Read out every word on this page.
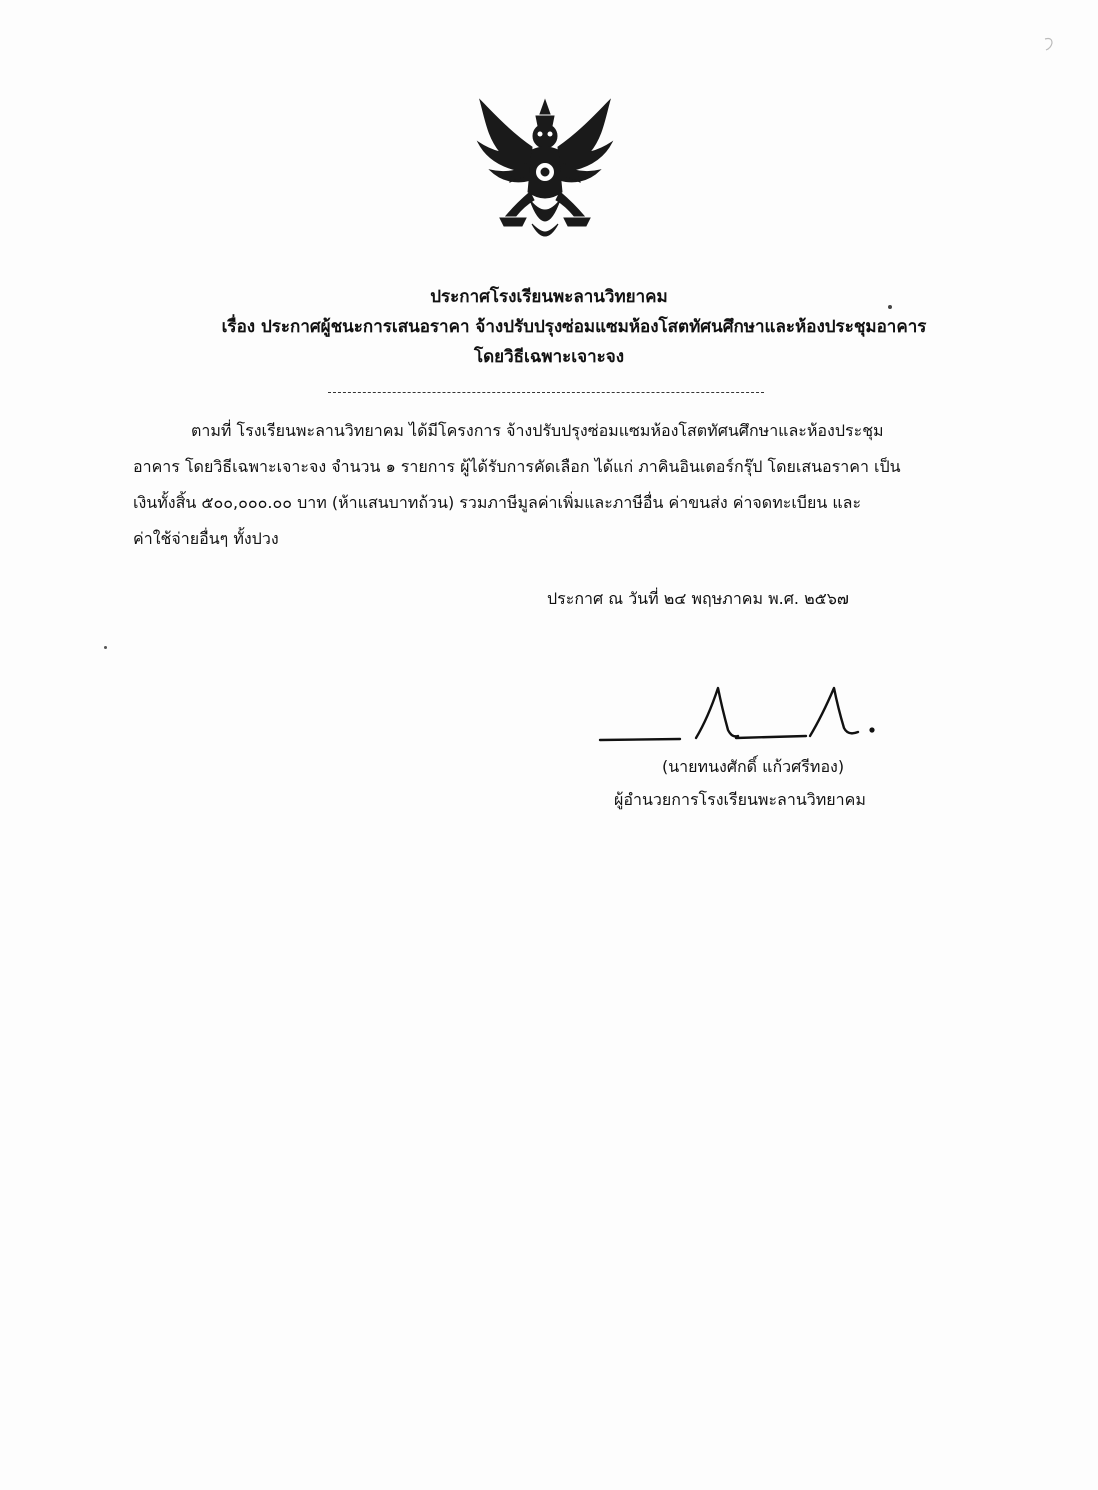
ประกาศโรงเรียนพะลานวิทยาคม
เรื่อง ประกาศผู้ชนะการเสนอราคา จ้างปรับปรุงซ่อมแซมห้องโสตทัศนศึกษาและห้องประชุมอาคาร
โดยวิธีเฉพาะเจาะจง
ตามที่ โรงเรียนพะลานวิทยาคม ได้มีโครงการ จ้างปรับปรุงซ่อมแซมห้องโสตทัศนศึกษาและห้องประชุม
อาคาร โดยวิธีเฉพาะเจาะจง จำนวน ๑ รายการ ผู้ได้รับการคัดเลือก ได้แก่ ภาคินอินเตอร์กรุ๊ป โดยเสนอราคา เป็น
เงินทั้งสิ้น ๕๐๐,๐๐๐.๐๐ บาท (ห้าแสนบาทถ้วน) รวมภาษีมูลค่าเพิ่มและภาษีอื่น ค่าขนส่ง ค่าจดทะเบียน และ
ค่าใช้จ่ายอื่นๆ ทั้งปวง
ประกาศ ณ วันที่ ๒๔ พฤษภาคม พ.ศ. ๒๕๖๗
(นายทนงศักดิ์ แก้วศรีทอง)
ผู้อำนวยการโรงเรียนพะลานวิทยาคม
